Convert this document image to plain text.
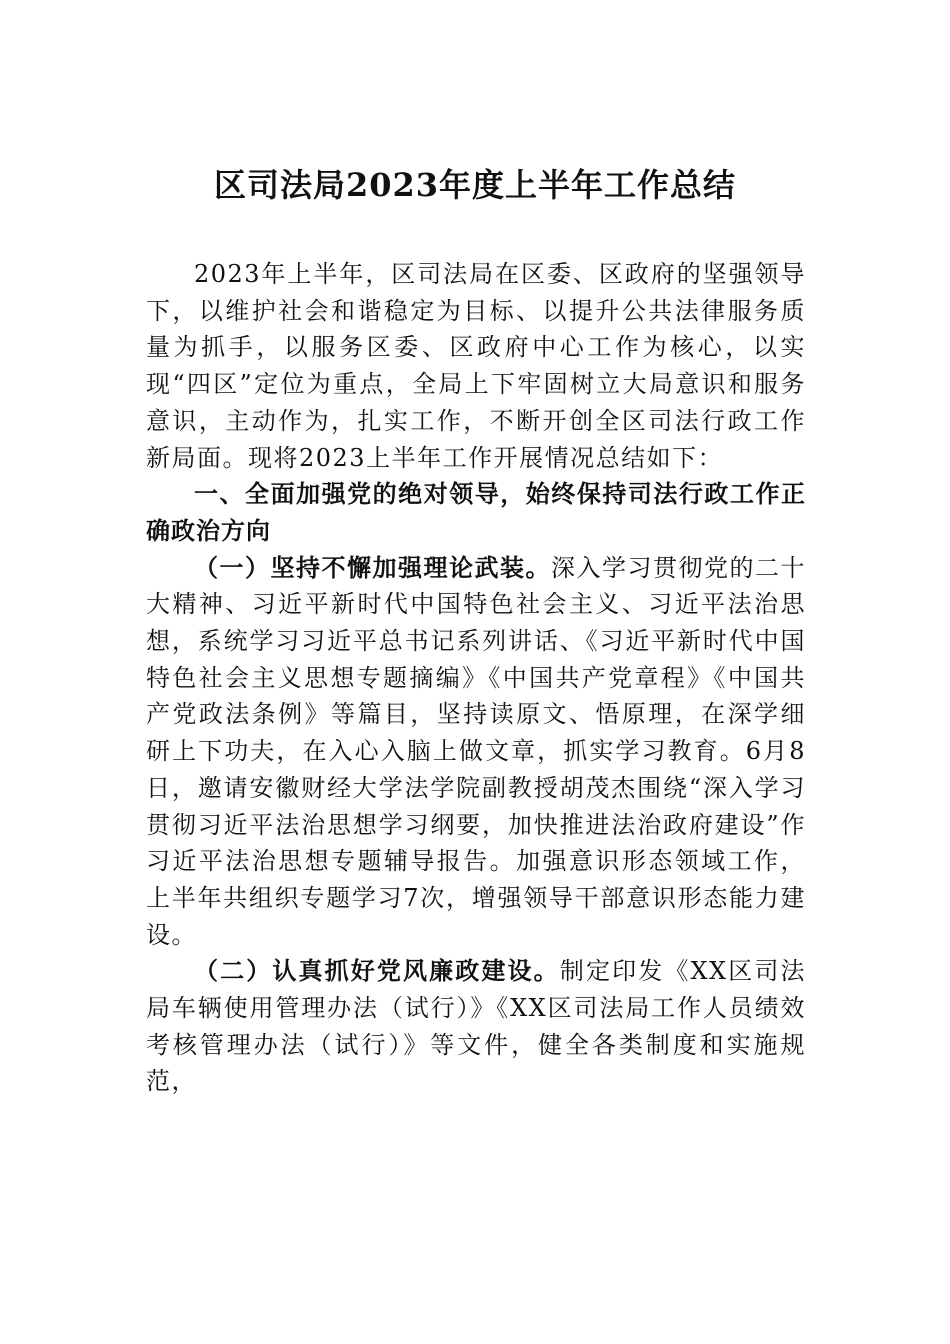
区司法局2023年度上半年工作总结

2023年上半年，区司法局在区委、区政府的坚强领导下，以维护社会和谐稳定为目标、以提升公共法律服务质量为抓手，以服务区委、区政府中心工作为核心，以实现“四区”定位为重点，全局上下牢固树立大局意识和服务意识，主动作为，扎实工作，不断开创全区司法行政工作新局面。现将2023上半年工作开展情况总结如下：

一、全面加强党的绝对领导，始终保持司法行政工作正确政治方向

（一）坚持不懈加强理论武装。深入学习贯彻党的二十大精神、习近平新时代中国特色社会主义、习近平法治思想，系统学习习近平总书记系列讲话、《习近平新时代中国特色社会主义思想专题摘编》《中国共产党章程》《中国共产党政法条例》等篇目，坚持读原文、悟原理，在深学细研上下功夫，在入心入脑上做文章，抓实学习教育。6月8日，邀请安徽财经大学法学院副教授胡茂杰围绕“深入学习贯彻习近平法治思想学习纲要，加快推进法治政府建设”作习近平法治思想专题辅导报告。加强意识形态领域工作，上半年共组织专题学习7次，增强领导干部意识形态能力建设。

（二）认真抓好党风廉政建设。制定印发《XX区司法局车辆使用管理办法（试行）》《XX区司法局工作人员绩效考核管理办法（试行）》等文件，健全各类制度和实施规范，
